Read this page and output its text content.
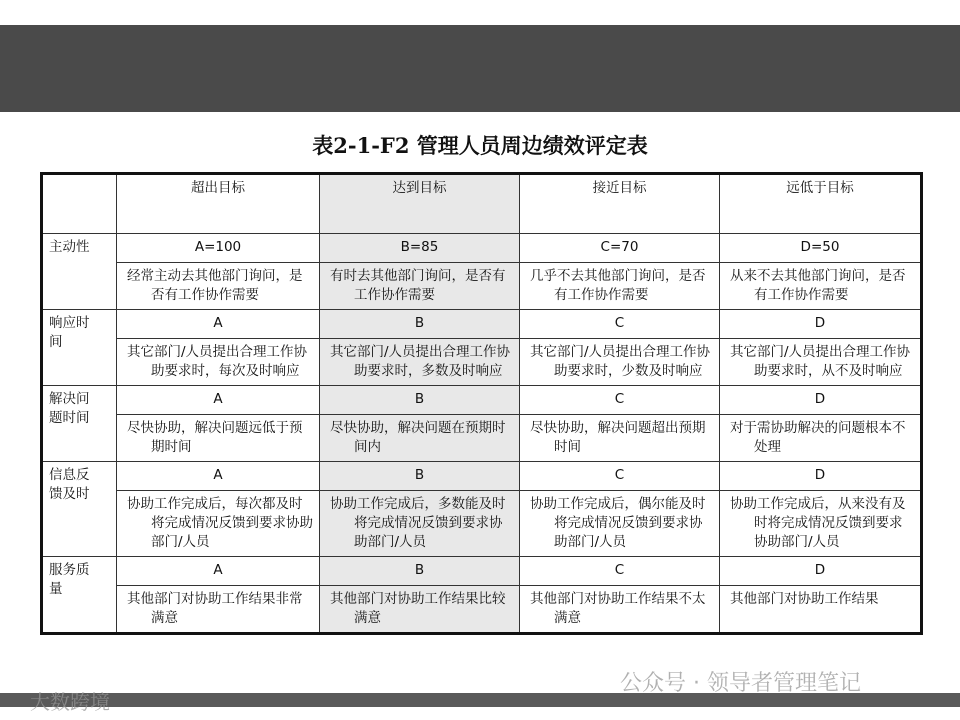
表2-1-F2 管理人员周边绩效评定表
	超出目标	达到目标	接近目标	远低于目标
主动性	A=100	B=85	C=70	D=50
	经常主动去其他部门询问，是否有工作协作需要	有时去其他部门询问，是否有工作协作需要	几乎不去其他部门询问，是否有工作协作需要	从来不去其他部门询问，是否有工作协作需要
响应时间	A	B	C	D
	其它部门/人员提出合理工作协助要求时，每次及时响应	其它部门/人员提出合理工作协助要求时，多数及时响应	其它部门/人员提出合理工作协助要求时，少数及时响应	其它部门/人员提出合理工作协助要求时，从不及时响应
解决问题时间	A	B	C	D
	尽快协助，解决问题远低于预期时间	尽快协助，解决问题在预期时间内	尽快协助，解决问题超出预期时间	对于需协助解决的问题根本不处理
信息反馈及时	A	B	C	D
	协助工作完成后，每次都及时将完成情况反馈到要求协助部门/人员	协助工作完成后，多数能及时将完成情况反馈到要求协助部门/人员	协助工作完成后，偶尔能及时将完成情况反馈到要求协助部门/人员	协助工作完成后，从来没有及时将完成情况反馈到要求协助部门/人员
服务质量	A	B	C	D
	其他部门对协助工作结果非常满意	其他部门对协助工作结果比较满意	其他部门对协助工作结果不太满意	其他部门对协助工作结果
大数跨境
公众号 · 领导者管理笔记
